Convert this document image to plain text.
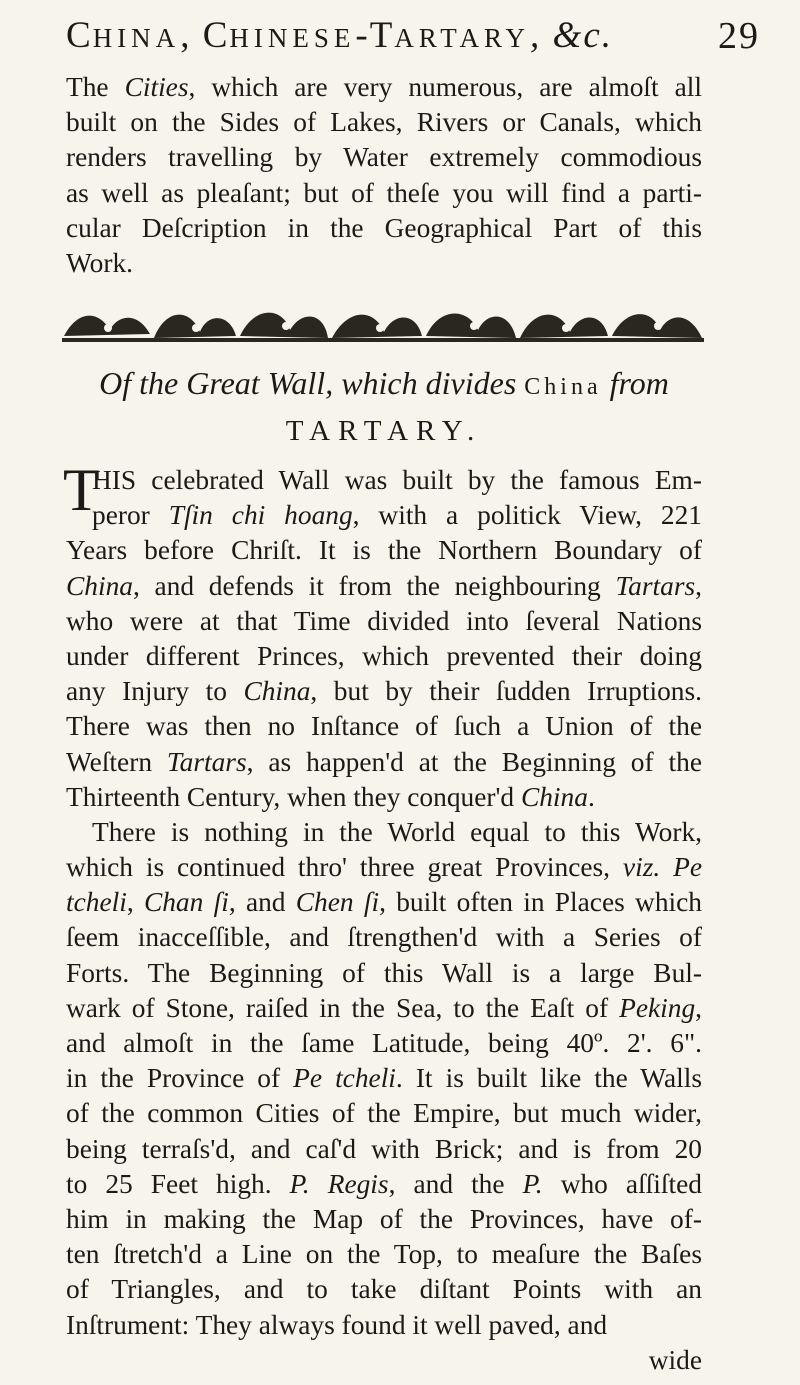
CHINA, CHINESE-TARTARY, &c.	29
The Cities, which are very numerous, are almoſt all
built on the Sides of Lakes, Rivers or Canals, which
renders travelling by Water extremely commodious
as well as pleaſant; but of theſe you will find a parti-
cular Deſcription in the Geographical Part of this
Work.
Of the Great Wall, which divides China from
TARTARY.
T
HIS celebrated Wall was built by the famous Em-
peror Tſin chi hoang, with a politick View, 221
Years before Chriſt. It is the Northern Boundary of
China, and defends it from the neighbouring Tartars,
who were at that Time divided into ſeveral Nations
under different Princes, which prevented their doing
any Injury to China, but by their ſudden Irruptions.
There was then no Inſtance of ſuch a Union of the
Weſtern Tartars, as happen'd at the Beginning of the
Thirteenth Century, when they conquer'd China.
There is nothing in the World equal to this Work,
which is continued thro' three great Provinces, viz. Pe
tcheli, Chan ſi, and Chen ſi, built often in Places which
ſeem inacceſſible, and ſtrengthen'd with a Series of
Forts. The Beginning of this Wall is a large Bul-
wark of Stone, raiſed in the Sea, to the Eaſt of Peking,
and almoſt in the ſame Latitude, being 40º. 2'. 6".
in the Province of Pe tcheli. It is built like the Walls
of the common Cities of the Empire, but much wider,
being terraſs'd, and caſ'd with Brick; and is from 20
to 25 Feet high. P. Regis, and the P. who aſſiſted
him in making the Map of the Provinces, have of-
ten ſtretch'd a Line on the Top, to meaſure the Baſes
of Triangles, and to take diſtant Points with an
Inſtrument: They always found it well paved, and
wide
